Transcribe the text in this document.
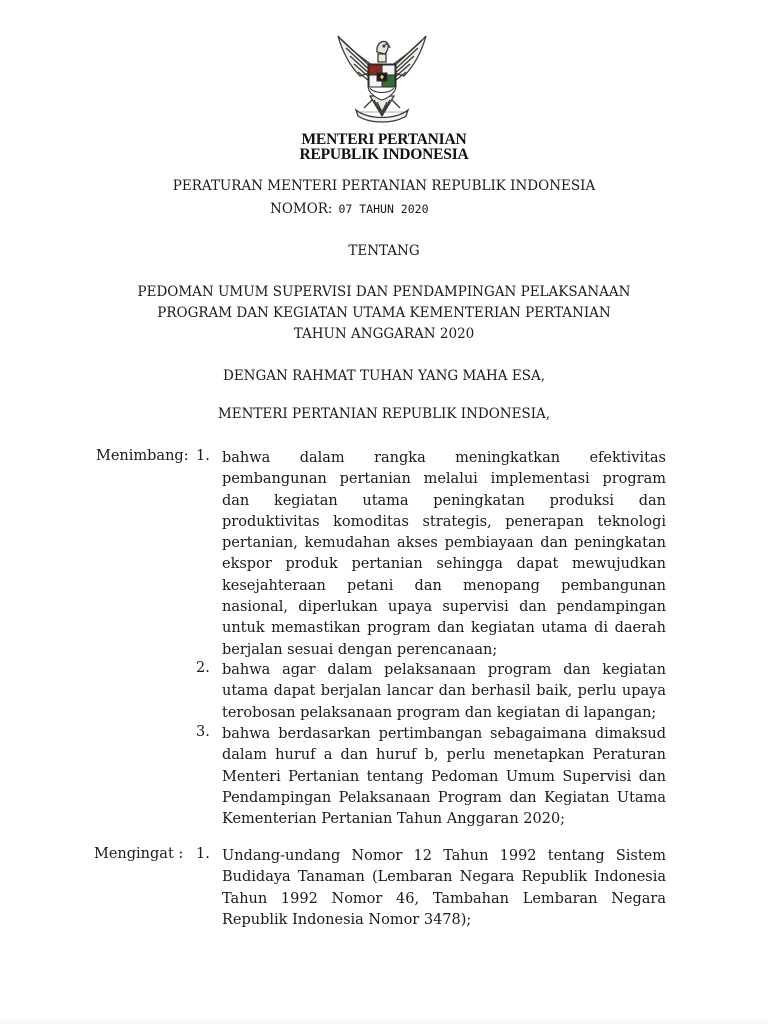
MENTERI PERTANIAN
REPUBLIK INDONESIA
PERATURAN MENTERI PERTANIAN REPUBLIK INDONESIA
NOMOR: 07 TAHUN 2020
TENTANG
PEDOMAN UMUM SUPERVISI DAN PENDAMPINGAN PELAKSANAAN
PROGRAM DAN KEGIATAN UTAMA KEMENTERIAN PERTANIAN
TAHUN ANGGARAN 2020
DENGAN RAHMAT TUHAN YANG MAHA ESA,
MENTERI PERTANIAN REPUBLIK INDONESIA,
Menimbang: 1. bahwa dalam rangka meningkatkan efektivitas
pembangunan pertanian melalui implementasi program
dan kegiatan utama peningkatan produksi dan
produktivitas komoditas strategis, penerapan teknologi
pertanian, kemudahan akses pembiayaan dan peningkatan
ekspor produk pertanian sehingga dapat mewujudkan
kesejahteraan petani dan menopang pembangunan
nasional, diperlukan upaya supervisi dan pendampingan
untuk memastikan program dan kegiatan utama di daerah
berjalan sesuai dengan perencanaan;
2. bahwa agar dalam pelaksanaan program dan kegiatan
utama dapat berjalan lancar dan berhasil baik, perlu upaya
terobosan pelaksanaan program dan kegiatan di lapangan;
3. bahwa berdasarkan pertimbangan sebagaimana dimaksud
dalam huruf a dan huruf b, perlu menetapkan Peraturan
Menteri Pertanian tentang Pedoman Umum Supervisi dan
Pendampingan Pelaksanaan Program dan Kegiatan Utama
Kementerian Pertanian Tahun Anggaran 2020;
Mengingat : 1. Undang-undang Nomor 12 Tahun 1992 tentang Sistem
Budidaya Tanaman (Lembaran Negara Republik Indonesia
Tahun 1992 Nomor 46, Tambahan Lembaran Negara
Republik Indonesia Nomor 3478);
